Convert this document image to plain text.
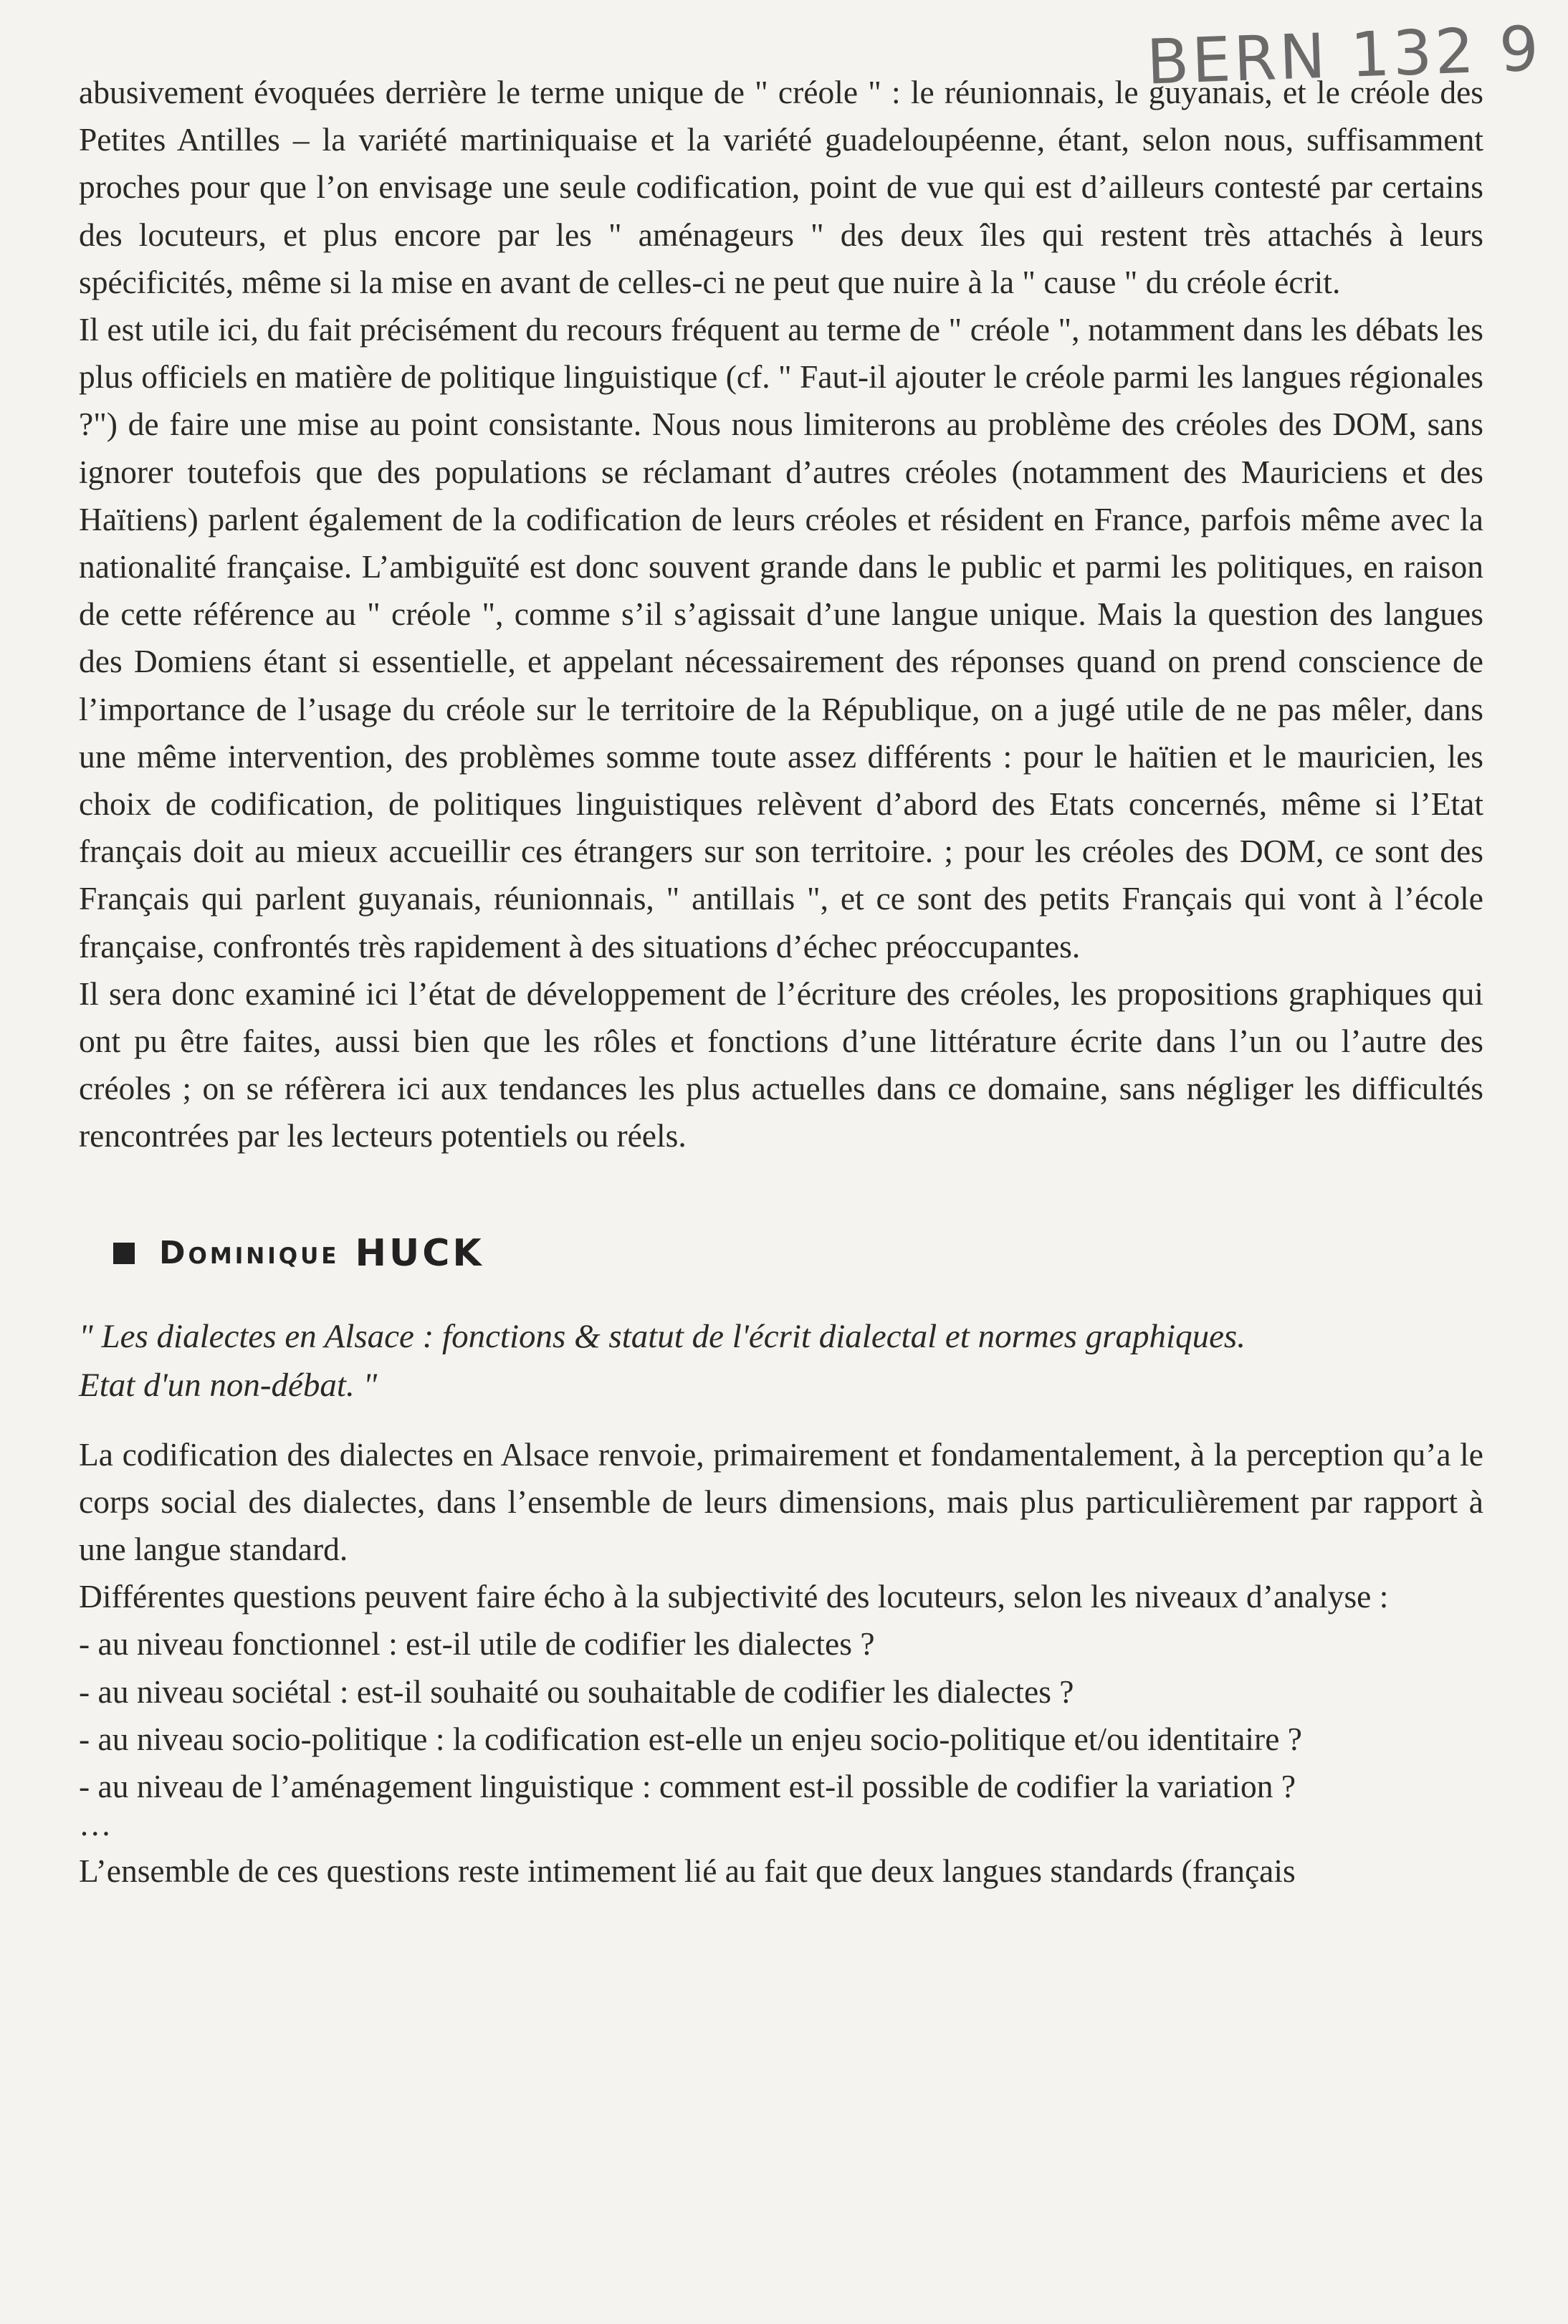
BERN 132 9

abusivement évoquées derrière le terme unique de " créole " : le réunionnais, le guyanais, et le créole des Petites Antilles – la variété martiniquaise et la variété guadeloupéenne, étant, selon nous, suffisamment proches pour que l’on envisage une seule codification, point de vue qui est d’ailleurs contesté par certains des locuteurs, et plus encore par les " aménageurs " des deux îles qui restent très attachés à leurs spécificités, même si la mise en avant de celles-ci ne peut que nuire à la " cause " du créole écrit.

Il est utile ici, du fait précisément du recours fréquent au terme de " créole ", notamment dans les débats les plus officiels en matière de politique linguistique (cf. " Faut-il ajouter le créole parmi les langues régionales ?") de faire une mise au point consistante. Nous nous limiterons au problème des créoles des DOM, sans ignorer toutefois que des populations se réclamant d’autres créoles (notamment des Mauriciens et des Haïtiens) parlent également de la codification de leurs créoles et résident en France, parfois même avec la nationalité française. L’ambiguïté est donc souvent grande dans le public et parmi les politiques, en raison de cette référence au " créole ", comme s’il s’agissait d’une langue unique. Mais la question des langues des Domiens étant si essentielle, et appelant nécessairement des réponses quand on prend conscience de l’importance de l’usage du créole sur le territoire de la République, on a jugé utile de ne pas mêler, dans une même intervention, des problèmes somme toute assez différents : pour le haïtien et le mauricien, les choix de codification, de politiques linguistiques relèvent d’abord des Etats concernés, même si l’Etat français doit au mieux accueillir ces étrangers sur son territoire. ; pour les créoles des DOM, ce sont des Français qui parlent guyanais, réunionnais, " antillais ", et ce sont des petits Français qui vont à l’école française, confrontés très rapidement à des situations d’échec préoccupantes.

Il sera donc examiné ici l’état de développement de l’écriture des créoles, les propositions graphiques qui ont pu être faites, aussi bien que les rôles et fonctions d’une littérature écrite dans l’un ou l’autre des créoles ; on se réfèrera ici aux tendances les plus actuelles dans ce domaine, sans négliger les difficultés rencontrées par les lecteurs potentiels ou réels.

Dominique HUCK
" Les dialectes en Alsace : fonctions & statut de l'écrit dialectal et normes graphiques.
Etat d'un non-débat. "

La codification des dialectes en Alsace renvoie, primairement et fondamentalement, à la perception qu’a le corps social des dialectes, dans l’ensemble de leurs dimensions, mais plus particulièrement par rapport à une langue standard.

Différentes questions peuvent faire écho à la subjectivité des locuteurs, selon les niveaux d’analyse :

- au niveau fonctionnel : est-il utile de codifier les dialectes ?

- au niveau sociétal : est-il souhaité ou souhaitable de codifier les dialectes ?

- au niveau socio-politique : la codification est-elle un enjeu socio-politique et/ou identitaire ?

- au niveau de l’aménagement linguistique : comment est-il possible de codifier la variation ?

…

L’ensemble de ces questions reste intimement lié au fait que deux langues standards (français
